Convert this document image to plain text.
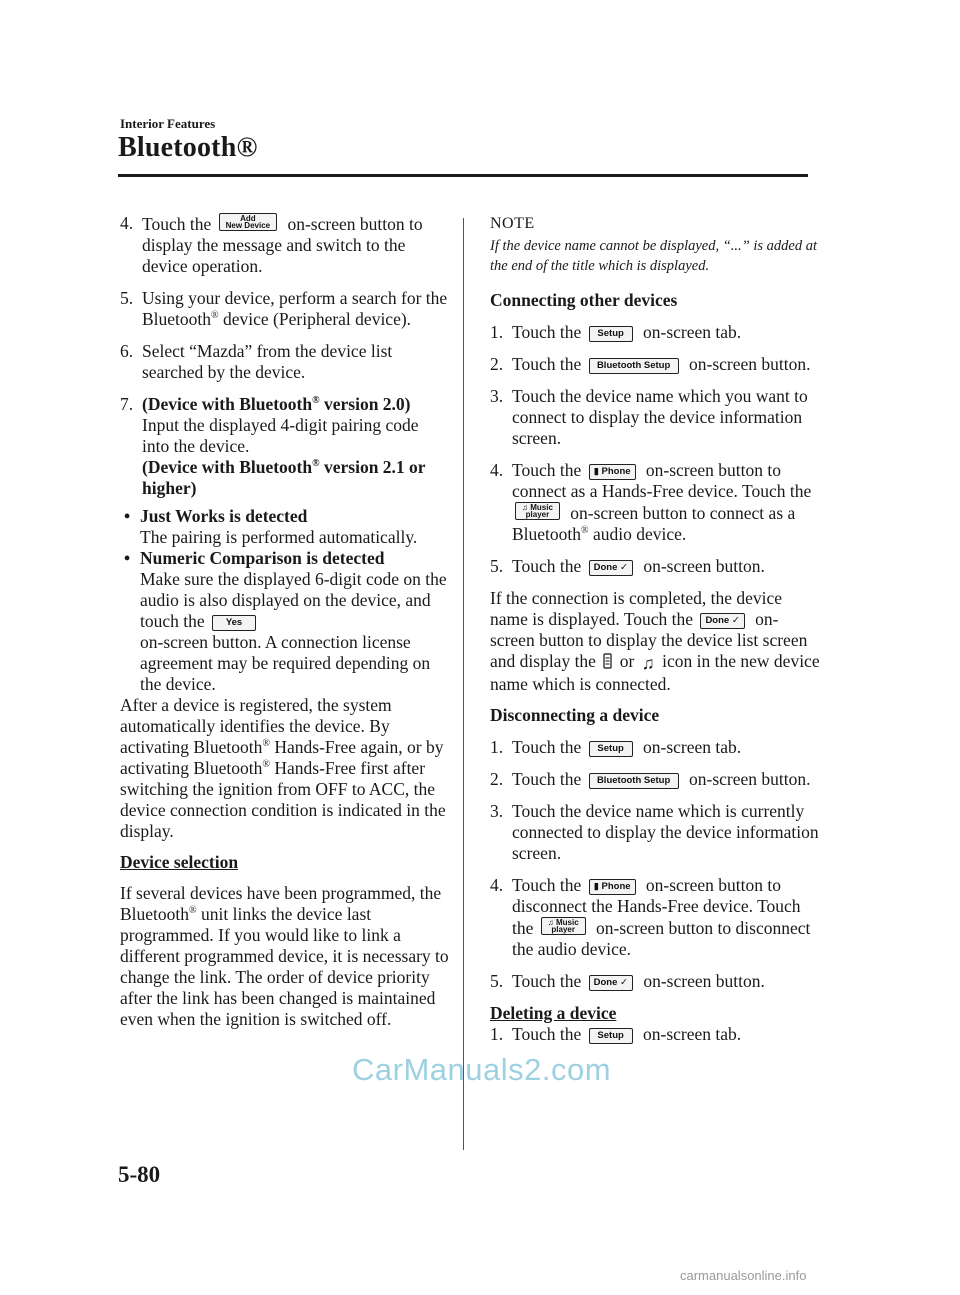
Interior Features
Bluetooth®

4. Touch the	Add
New Device on-screen button to display the message and switch to the device operation.

5. Using your device, perform a search for the Bluetooth® device (Peripheral device).

6. Select “Mazda” from the device list searched by the device.

7. (Device with Bluetooth® version 2.0)
Input the displayed 4-digit pairing code into the device.
(Device with Bluetooth® version 2.1 or higher)

• Just Works is detected
The pairing is performed automatically.

• Numeric Comparison is detected
Make sure the displayed 6-digit code on the audio is also displayed on the device, and touch the Yes
on-screen button. A connection license agreement may be required depending on the device.

After a device is registered, the system automatically identifies the device. By activating Bluetooth® Hands-Free again, or by activating Bluetooth® Hands-Free first after switching the ignition from OFF to ACC, the device connection condition is indicated in the display.

Device selection

If several devices have been programmed, the Bluetooth® unit links the device last programmed. If you would like to link a different programmed device, it is necessary to change the link. The order of device priority after the link has been changed is maintained even when the ignition is switched off.

NOTE

If the device name cannot be displayed, “...” is added at the end of the title which is displayed.

Connecting other devices

1. Touch the Setup on-screen tab.

2. Touch the Bluetooth Setup on-screen button.

3. Touch the device name which you want to connect to display the device information screen.

4. Touch the ▮ Phone on-screen button to connect as a Hands-Free device. Touch the ♫ Music
player on-screen button to connect as a Bluetooth® audio device.

5. Touch the Done ✓ on-screen button.

If the connection is completed, the device name is displayed. Touch the Done ✓ on-screen button to display the device list screen and display the or ♫ icon in the new device name which is connected.

Disconnecting a device

1. Touch the Setup on-screen tab.

2. Touch the Bluetooth Setup on-screen button.

3. Touch the device name which is currently connected to display the device information screen.

4. Touch the ▮ Phone on-screen button to disconnect the Hands-Free device. Touch the ♫ Music
player on-screen button to disconnect the audio device.

5. Touch the Done ✓ on-screen button.

Deleting a device

1. Touch the Setup on-screen tab.

CarManuals2.com
5-80
carmanualsonline.info
